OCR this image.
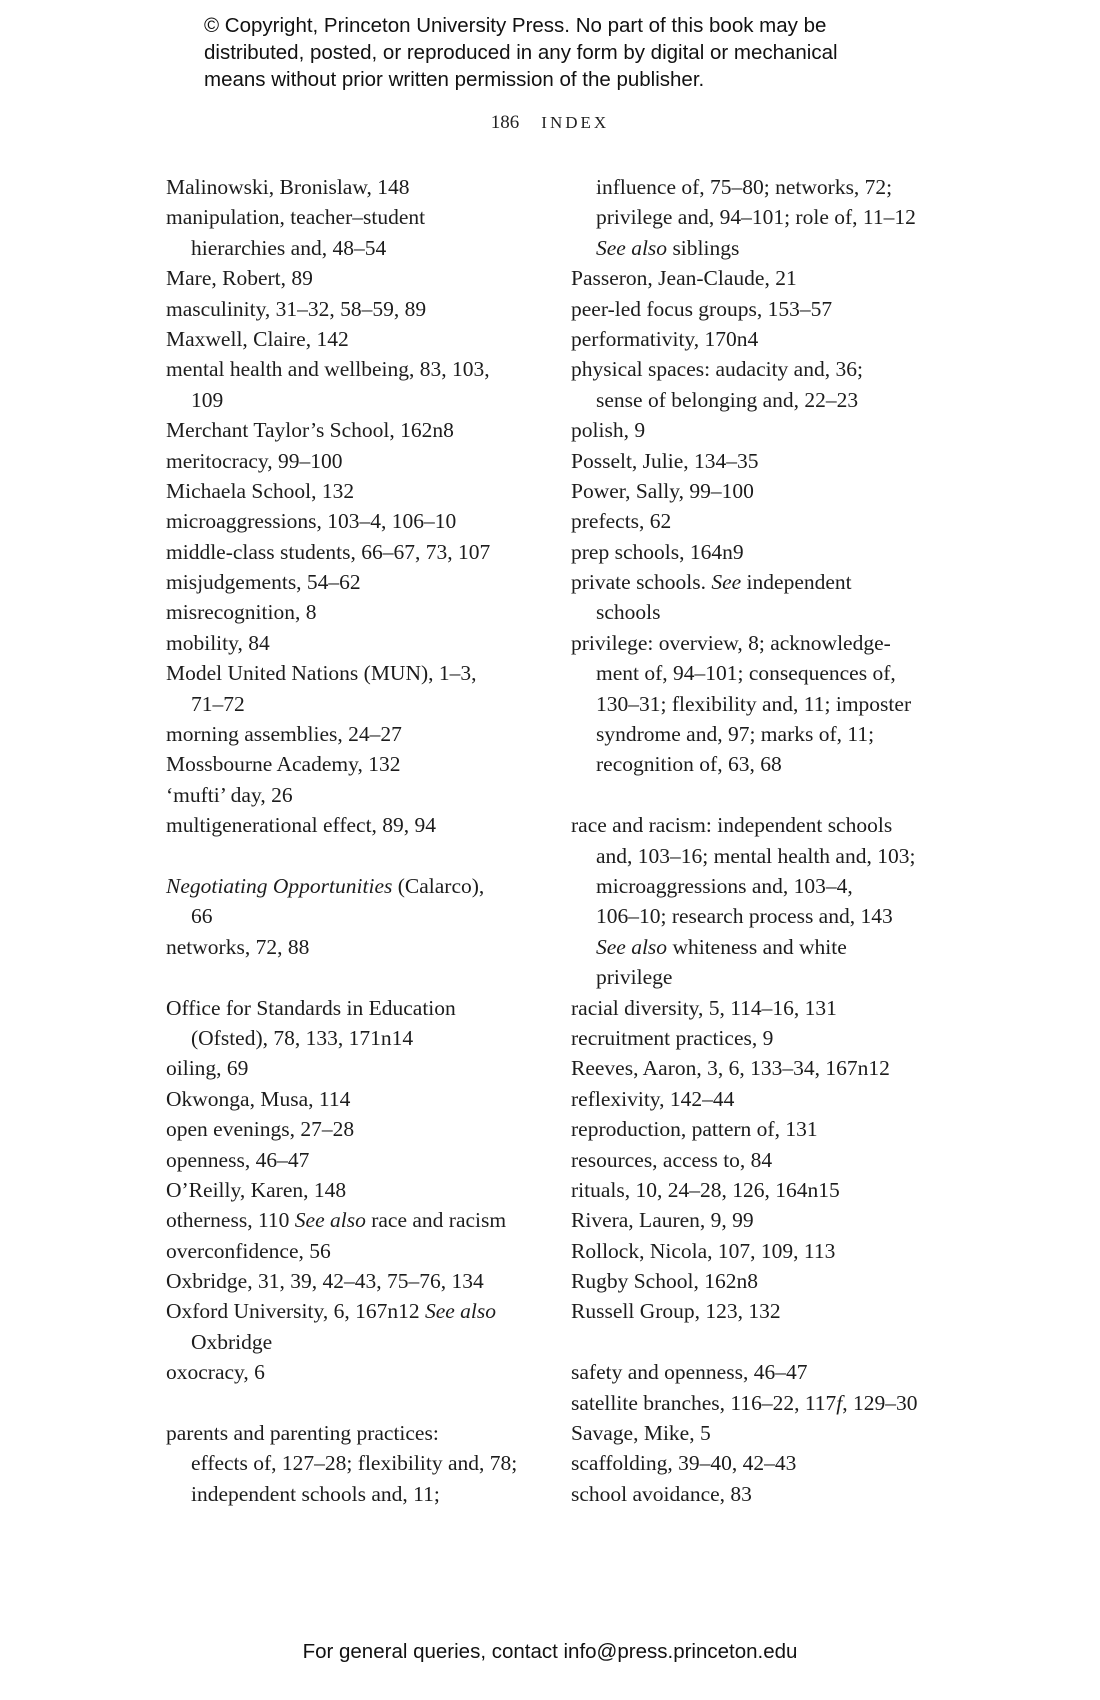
© Copyright, Princeton University Press. No part of this book may be
distributed, posted, or reproduced in any form by digital or mechanical
means without prior written permission of the publisher.
186 INDEX
Malinowski, Bronislaw, 148
manipulation, teacher–student
hierarchies and, 48–54
Mare, Robert, 89
masculinity, 31–32, 58–59, 89
Maxwell, Claire, 142
mental health and wellbeing, 83, 103,
109
Merchant Taylor’s School, 162n8
meritocracy, 99–100
Michaela School, 132
microaggressions, 103–4, 106–10
middle-class students, 66–67, 73, 107
misjudgements, 54–62
misrecognition, 8
mobility, 84
Model United Nations (MUN), 1–3,
71–72
morning assemblies, 24–27
Mossbourne Academy, 132
‘mufti’ day, 26
multigenerational effect, 89, 94
Negotiating Opportunities (Calarco),
66
networks, 72, 88
Office for Standards in Education
(Ofsted), 78, 133, 171n14
oiling, 69
Okwonga, Musa, 114
open evenings, 27–28
openness, 46–47
O’Reilly, Karen, 148
otherness, 110 See also race and racism
overconfidence, 56
Oxbridge, 31, 39, 42–43, 75–76, 134
Oxford University, 6, 167n12 See also
Oxbridge
oxocracy, 6
parents and parenting practices:
effects of, 127–28; flexibility and, 78;
independent schools and, 11;
influence of, 75–80; networks, 72;
privilege and, 94–101; role of, 11–12
See also siblings
Passeron, Jean-Claude, 21
peer-led focus groups, 153–57
performativity, 170n4
physical spaces: audacity and, 36;
sense of belonging and, 22–23
polish, 9
Posselt, Julie, 134–35
Power, Sally, 99–100
prefects, 62
prep schools, 164n9
private schools. See independent
schools
privilege: overview, 8; acknowledge-
ment of, 94–101; consequences of,
130–31; flexibility and, 11; imposter
syndrome and, 97; marks of, 11;
recognition of, 63, 68
race and racism: independent schools
and, 103–16; mental health and, 103;
microaggressions and, 103–4,
106–10; research process and, 143
See also whiteness and white
privilege
racial diversity, 5, 114–16, 131
recruitment practices, 9
Reeves, Aaron, 3, 6, 133–34, 167n12
reflexivity, 142–44
reproduction, pattern of, 131
resources, access to, 84
rituals, 10, 24–28, 126, 164n15
Rivera, Lauren, 9, 99
Rollock, Nicola, 107, 109, 113
Rugby School, 162n8
Russell Group, 123, 132
safety and openness, 46–47
satellite branches, 116–22, 117f, 129–30
Savage, Mike, 5
scaffolding, 39–40, 42–43
school avoidance, 83
For general queries, contact info@press.princeton.edu
